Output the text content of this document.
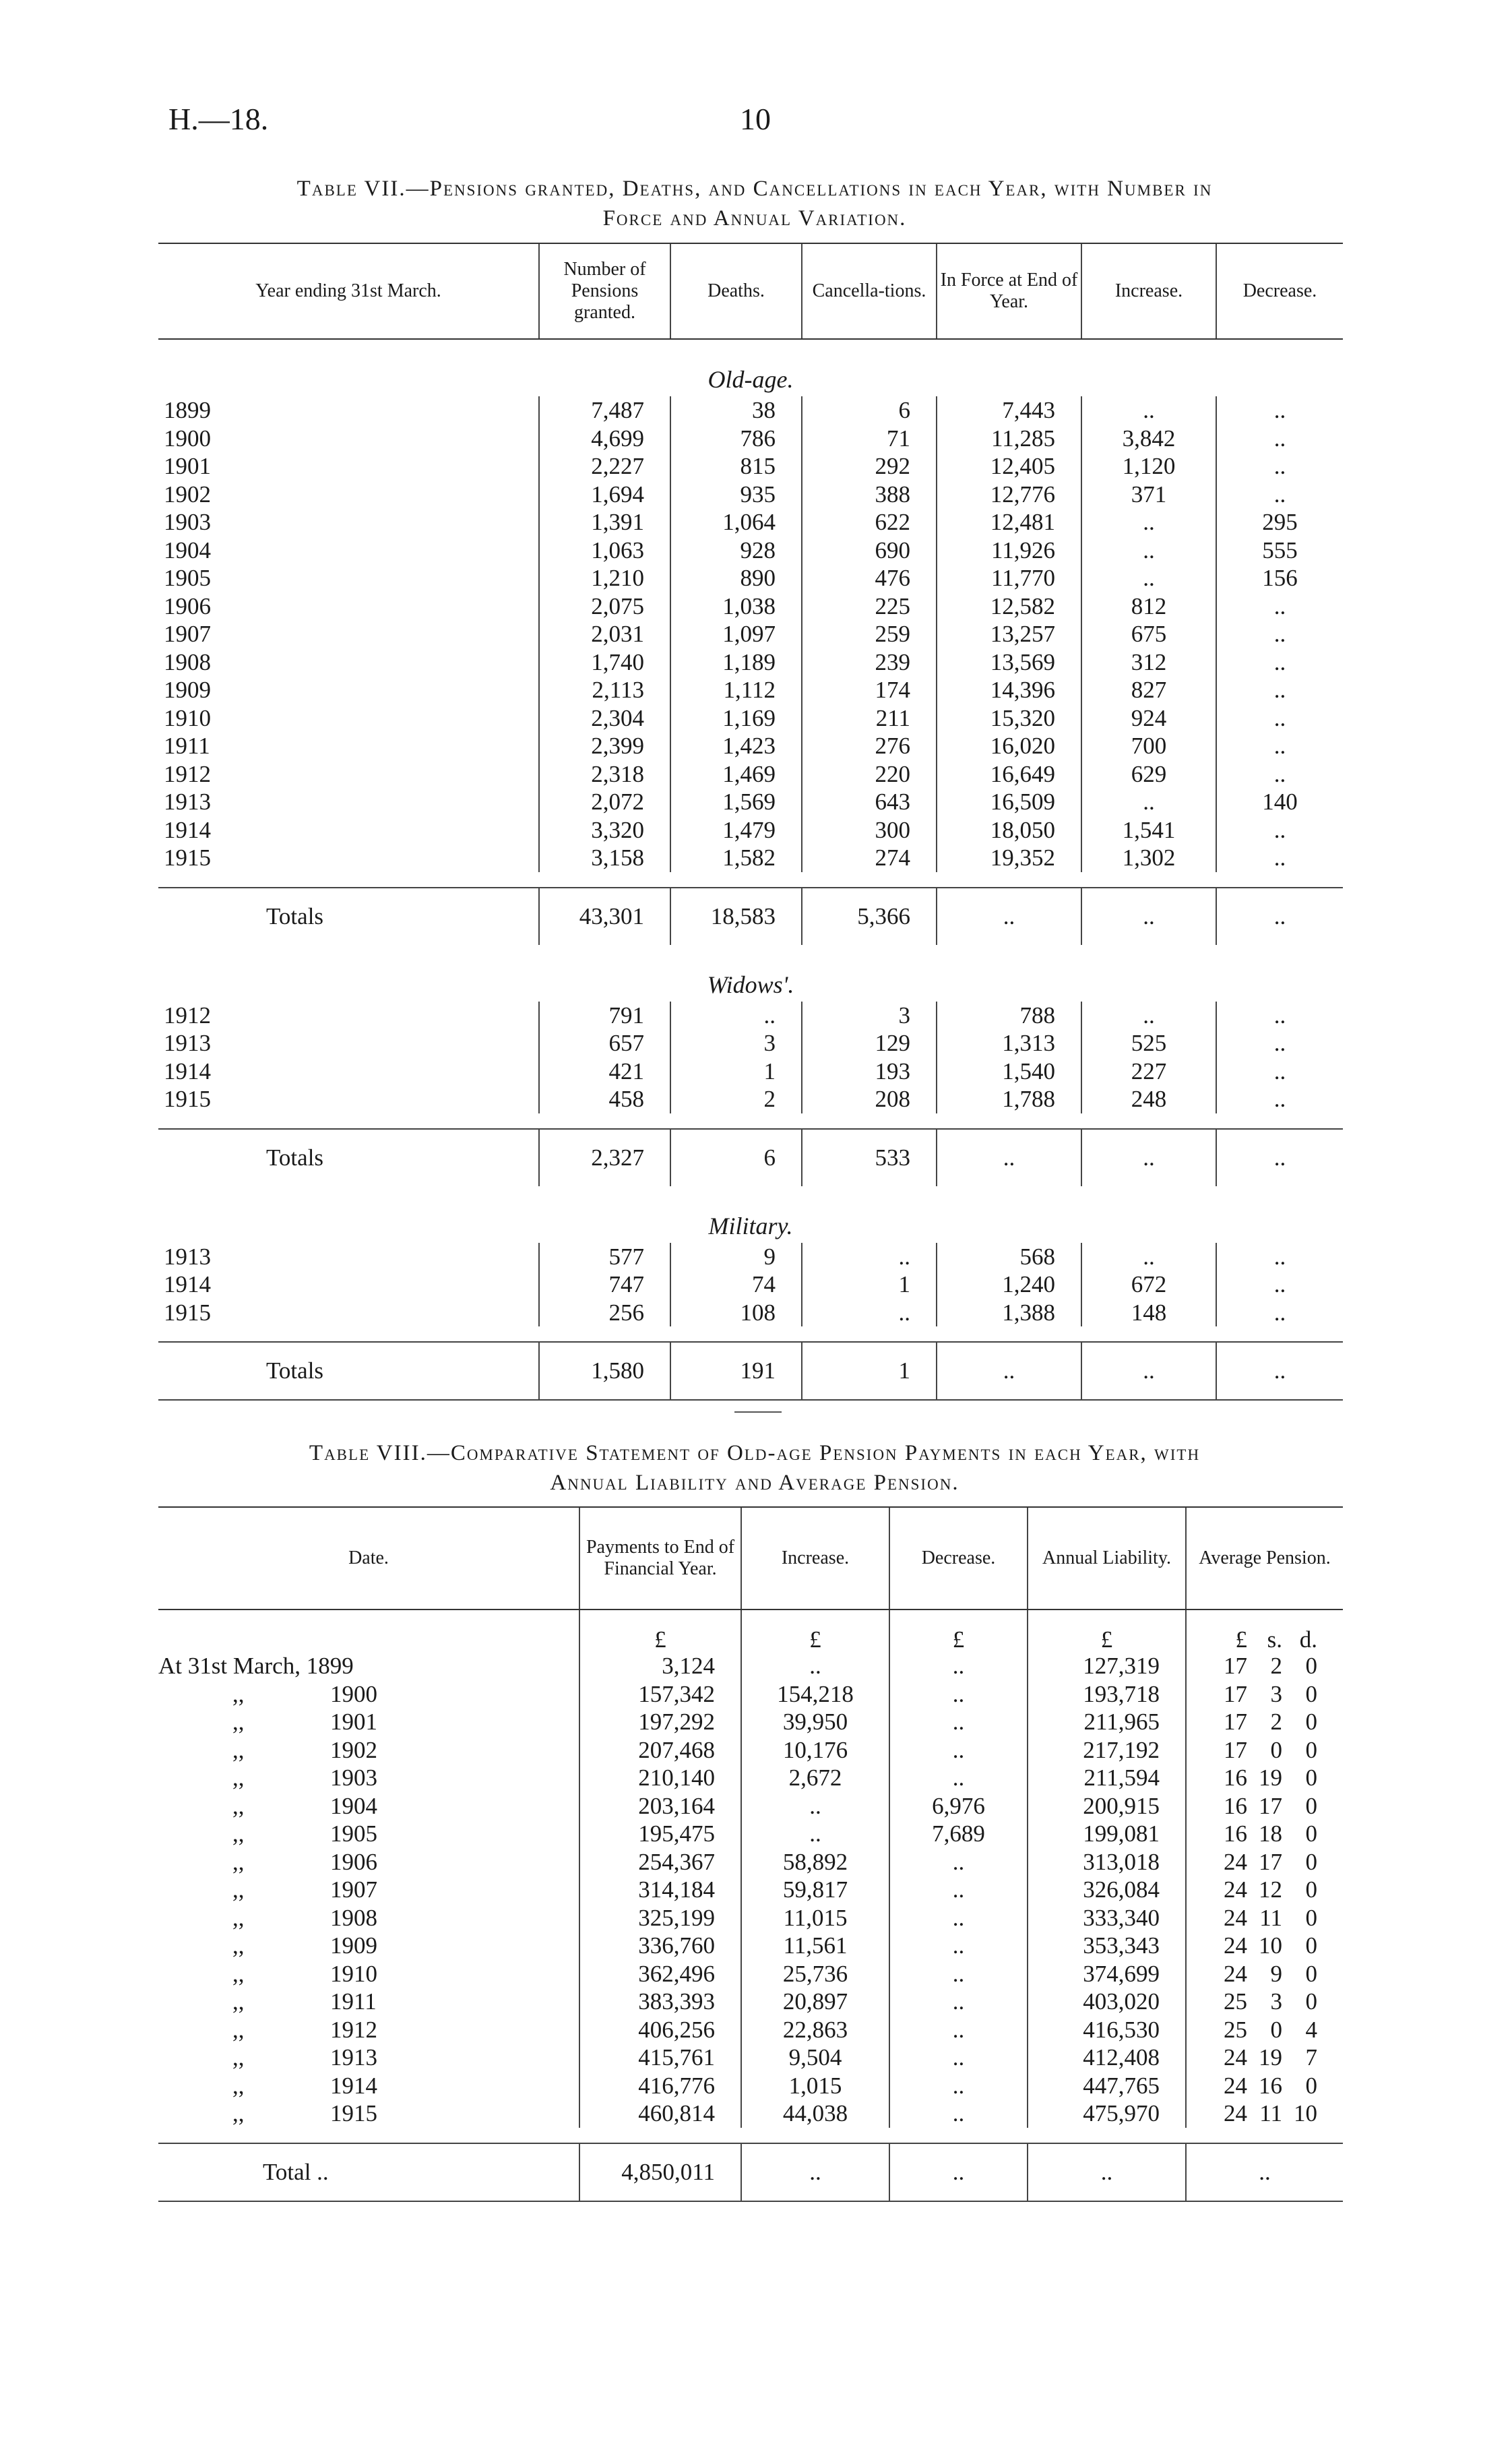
H.—18.	10
Table VII.—Pensions granted, Deaths, and Cancellations in each Year, with Number in
Force and Annual Variation.
Year ending 31st March.	Number of Pensions granted.	Deaths.	Cancella-tions.	In Force at End of Year.	Increase.	Decrease.
Old-age.						
1899	7,487	38	6	7,443	..	..
1900	4,699	786	71	11,285	3,842	..
1901	2,227	815	292	12,405	1,120	..
1902	1,694	935	388	12,776	371	..
1903	1,391	1,064	622	12,481	..	295
1904	1,063	928	690	11,926	..	555
1905	1,210	890	476	11,770	..	156
1906	2,075	1,038	225	12,582	812	..
1907	2,031	1,097	259	13,257	675	..
1908	1,740	1,189	239	13,569	312	..
1909	2,113	1,112	174	14,396	827	..
1910	2,304	1,169	211	15,320	924	..
1911	2,399	1,423	276	16,020	700	..
1912	2,318	1,469	220	16,649	629	..
1913	2,072	1,569	643	16,509	..	140
1914	3,320	1,479	300	18,050	1,541	..
1915	3,158	1,582	274	19,352	1,302	..

Totals	43,301	18,583	5,366	..	..	..
Widows'.						
1912	791	..	3	788	..	..
1913	657	3	129	1,313	525	..
1914	421	1	193	1,540	227	..
1915	458	2	208	1,788	248	..

Totals	2,327	6	533	..	..	..
Military.						
1913	577	9	..	568	..	..
1914	747	74	1	1,240	672	..
1915	256	108	..	1,388	148	..

Totals	1,580	191	1	..	..	..
Table VIII.—Comparative Statement of Old-age Pension Payments in each Year, with
Annual Liability and Average Pension.
Date.	Payments to End of Financial Year.	Increase.	Decrease.	Annual Liability.	Average Pension.
	£	£	£	£	£ s. d.
At 31st March, 1899	3,124	..	..	127,319	17 2 0
,, 1900	157,342	154,218	..	193,718	17 3 0
,, 1901	197,292	39,950	..	211,965	17 2 0
,, 1902	207,468	10,176	..	217,192	17 0 0
,, 1903	210,140	2,672	..	211,594	16 19 0
,, 1904	203,164	..	6,976	200,915	16 17 0
,, 1905	195,475	..	7,689	199,081	16 18 0
,, 1906	254,367	58,892	..	313,018	24 17 0
,, 1907	314,184	59,817	..	326,084	24 12 0
,, 1908	325,199	11,015	..	333,340	24 11 0
,, 1909	336,760	11,561	..	353,343	24 10 0
,, 1910	362,496	25,736	..	374,699	24 9 0
,, 1911	383,393	20,897	..	403,020	25 3 0
,, 1912	406,256	22,863	..	416,530	25 0 4
,, 1913	415,761	9,504	..	412,408	24 19 7
,, 1914	416,776	1,015	..	447,765	24 16 0
,, 1915	460,814	44,038	..	475,970	24 11 10

Total ..	4,850,011	..	..	..	..
